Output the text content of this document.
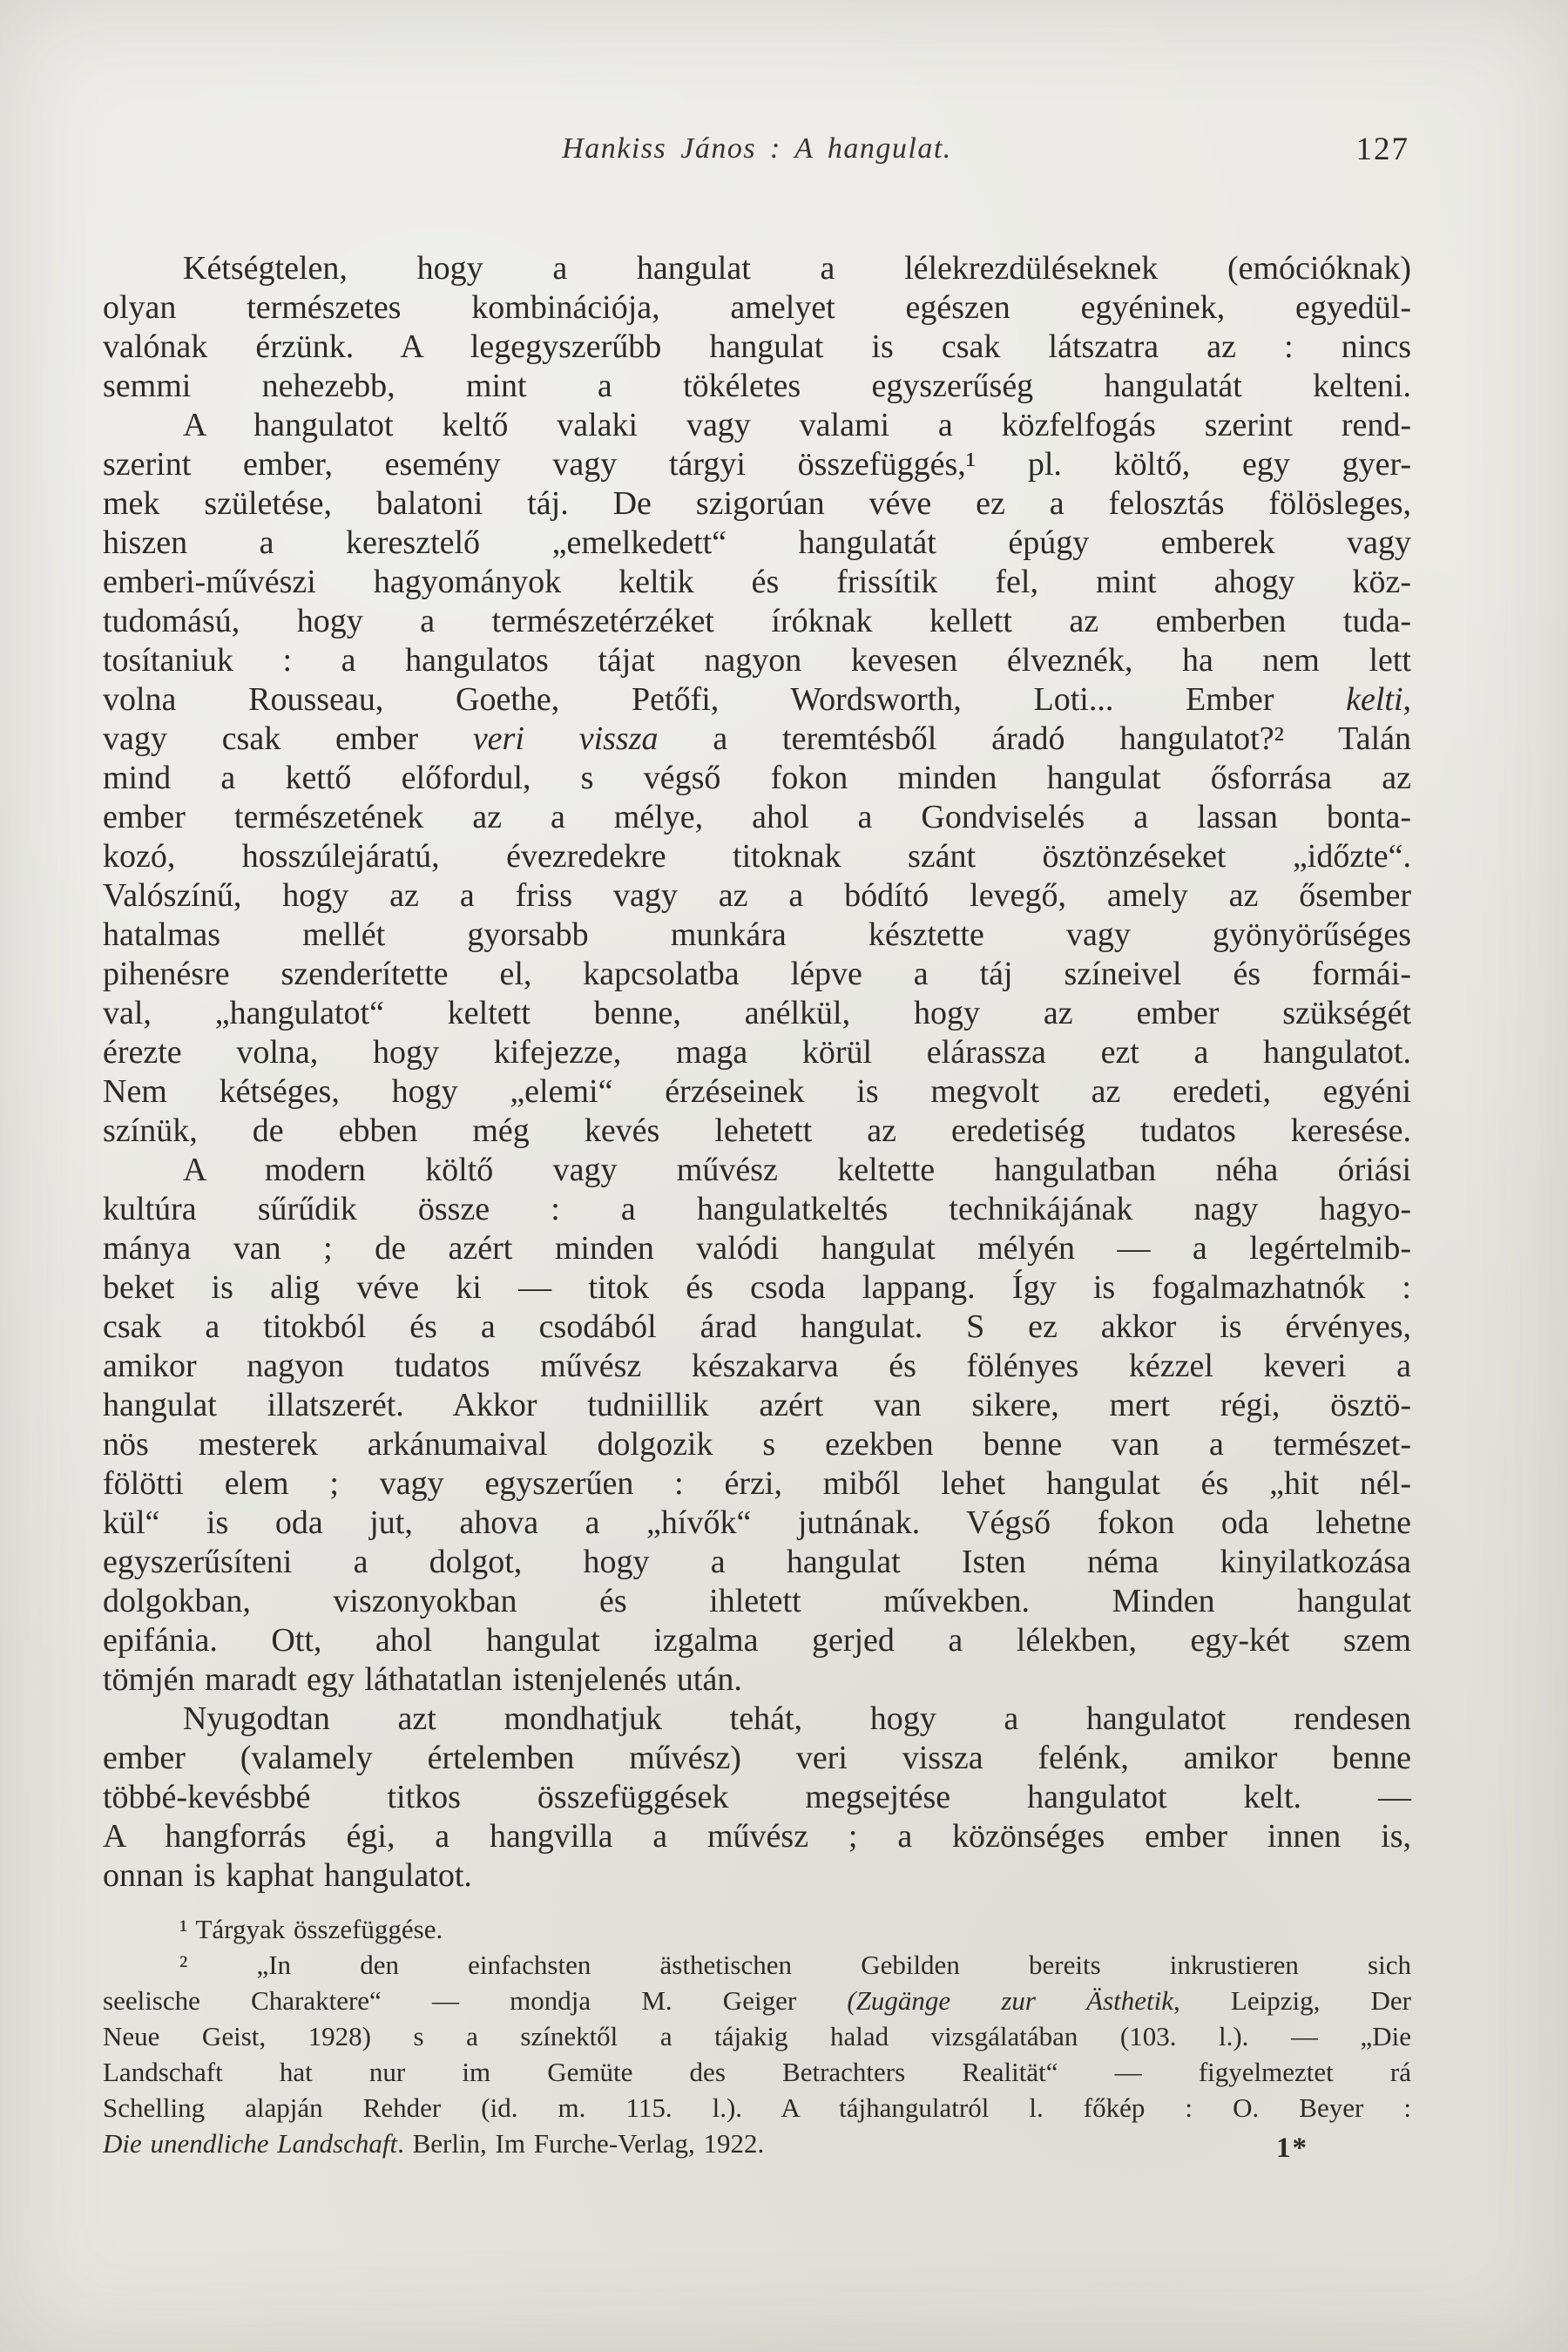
Hankiss János : A hangulat.	127
Kétségtelen, hogy a hangulat a lélekrezdüléseknek (emócióknak)
olyan természetes kombinációja, amelyet egészen egyéninek, egyedül-
valónak érzünk. A legegyszerűbb hangulat is csak látszatra az : nincs
semmi nehezebb, mint a tökéletes egyszerűség hangulatát kelteni.
A hangulatot keltő valaki vagy valami a közfelfogás szerint rend-
szerint ember, esemény vagy tárgyi összefüggés,¹ pl. költő, egy gyer-
mek születése, balatoni táj. De szigorúan véve ez a felosztás fölösleges,
hiszen a keresztelő „emelkedett“ hangulatát épúgy emberek vagy
emberi-művészi hagyományok keltik és frissítik fel, mint ahogy köz-
tudomású, hogy a természetérzéket íróknak kellett az emberben tuda-
tosítaniuk : a hangulatos tájat nagyon kevesen élveznék, ha nem lett
volna Rousseau, Goethe, Petőfi, Wordsworth, Loti... Ember kelti,
vagy csak ember veri vissza a teremtésből áradó hangulatot?² Talán
mind a kettő előfordul, s végső fokon minden hangulat ősforrása az
ember természetének az a mélye, ahol a Gondviselés a lassan bonta-
kozó, hosszúlejáratú, évezredekre titoknak szánt ösztönzéseket „időzte“.
Valószínű, hogy az a friss vagy az a bódító levegő, amely az ősember
hatalmas mellét gyorsabb munkára késztette vagy gyönyörűséges
pihenésre szenderítette el, kapcsolatba lépve a táj színeivel és formái-
val, „hangulatot“ keltett benne, anélkül, hogy az ember szükségét
érezte volna, hogy kifejezze, maga körül elárassza ezt a hangulatot.
Nem kétséges, hogy „elemi“ érzéseinek is megvolt az eredeti, egyéni
színük, de ebben még kevés lehetett az eredetiség tudatos keresése.
A modern költő vagy művész keltette hangulatban néha óriási
kultúra sűrűdik össze : a hangulatkeltés technikájának nagy hagyo-
mánya van ; de azért minden valódi hangulat mélyén — a legértelmib-
beket is alig véve ki — titok és csoda lappang. Így is fogalmazhatnók :
csak a titokból és a csodából árad hangulat. S ez akkor is érvényes,
amikor nagyon tudatos művész készakarva és fölényes kézzel keveri a
hangulat illatszerét. Akkor tudniillik azért van sikere, mert régi, ösztö-
nös mesterek arkánumaival dolgozik s ezekben benne van a természet-
fölötti elem ; vagy egyszerűen : érzi, miből lehet hangulat és „hit nél-
kül“ is oda jut, ahova a „hívők“ jutnának. Végső fokon oda lehetne
egyszerűsíteni a dolgot, hogy a hangulat Isten néma kinyilatkozása
dolgokban, viszonyokban és ihletett művekben. Minden hangulat
epifánia. Ott, ahol hangulat izgalma gerjed a lélekben, egy-két szem
tömjén maradt egy láthatatlan istenjelenés után.
Nyugodtan azt mondhatjuk tehát, hogy a hangulatot rendesen
ember (valamely értelemben művész) veri vissza felénk, amikor benne
többé-kevésbbé titkos összefüggések megsejtése hangulatot kelt. —
A hangforrás égi, a hangvilla a művész ; a közönséges ember innen is,
onnan is kaphat hangulatot.
¹ Tárgyak összefüggése.
² „In den einfachsten ästhetischen Gebilden bereits inkrustieren sich
seelische Charaktere“ — mondja M. Geiger (Zugänge zur Ästhetik, Leipzig, Der
Neue Geist, 1928) s a színektől a tájakig halad vizsgálatában (103. l.). — „Die
Landschaft hat nur im Gemüte des Betrachters Realität“ — figyelmeztet rá
Schelling alapján Rehder (id. m. 115. l.). A tájhangulatról l. főkép : O. Beyer :
Die unendliche Landschaft. Berlin, Im Furche-Verlag, 1922.	1*
